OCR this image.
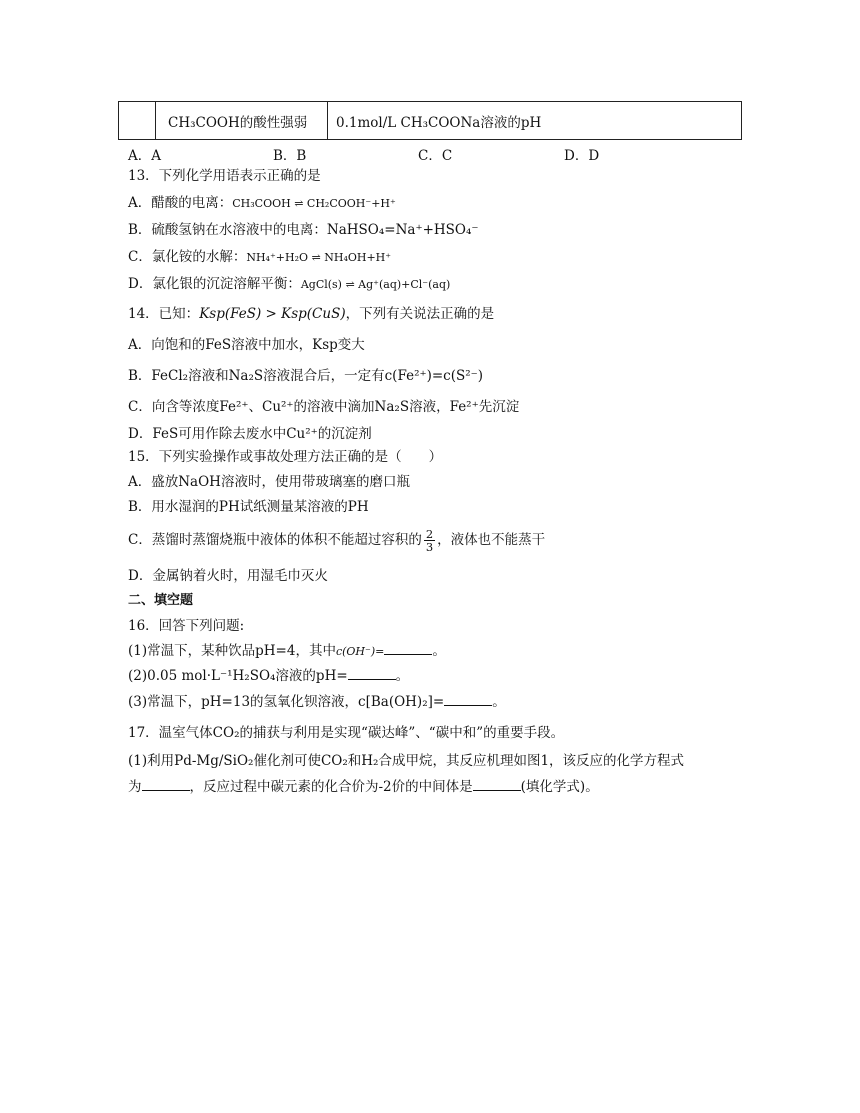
CH₃COOH的酸性强弱	0.1mol/L CH₃COONa溶液的pH
A．A	B．B	C．C	D．D
13．下列化学用语表示正确的是
A．醋酸的电离：CH₃COOH ⇌ CH₂COOH⁻+H⁺
B．硫酸氢钠在水溶液中的电离：NaHSO₄=Na⁺+HSO₄⁻
C．氯化铵的水解：NH₄⁺+H₂O ⇌ NH₄OH+H⁺
D．氯化银的沉淀溶解平衡：AgCl(s) ⇌ Ag⁺(aq)+Cl⁻(aq)
14．已知：Ksp(FeS) > Ksp(CuS)，下列有关说法正确的是
A．向饱和的FeS溶液中加水，Ksp变大
B．FeCl₂溶液和Na₂S溶液混合后，一定有c(Fe²⁺)=c(S²⁻)
C．向含等浓度Fe²⁺、Cu²⁺的溶液中滴加Na₂S溶液，Fe²⁺先沉淀
D．FeS可用作除去废水中Cu²⁺的沉淀剂
15．下列实验操作或事故处理方法正确的是（　　）
A．盛放NaOH溶液时，使用带玻璃塞的磨口瓶
B．用水湿润的PH试纸测量某溶液的PH
C．蒸馏时蒸馏烧瓶中液体的体积不能超过容积的 $\frac{2}{3}$ ，液体也不能蒸干
D．金属钠着火时，用湿毛巾灭火
二、填空题
16．回答下列问题:
(1)常温下，某种饮品pH=4，其中c(OH⁻)=	。
(2)0.05 mol·L⁻¹H₂SO₄溶液的pH=	。
(3)常温下，pH=13的氢氧化钡溶液，c[Ba(OH)₂]=	。
17．温室气体CO₂的捕获与利用是实现“碳达峰”、“碳中和”的重要手段。
(1)利用Pd-Mg/SiO₂催化剂可使CO₂和H₂合成甲烷，其反应机理如图1，该反应的化学方程式
为	，反应过程中碳元素的化合价为-2价的中间体是	(填化学式)。
